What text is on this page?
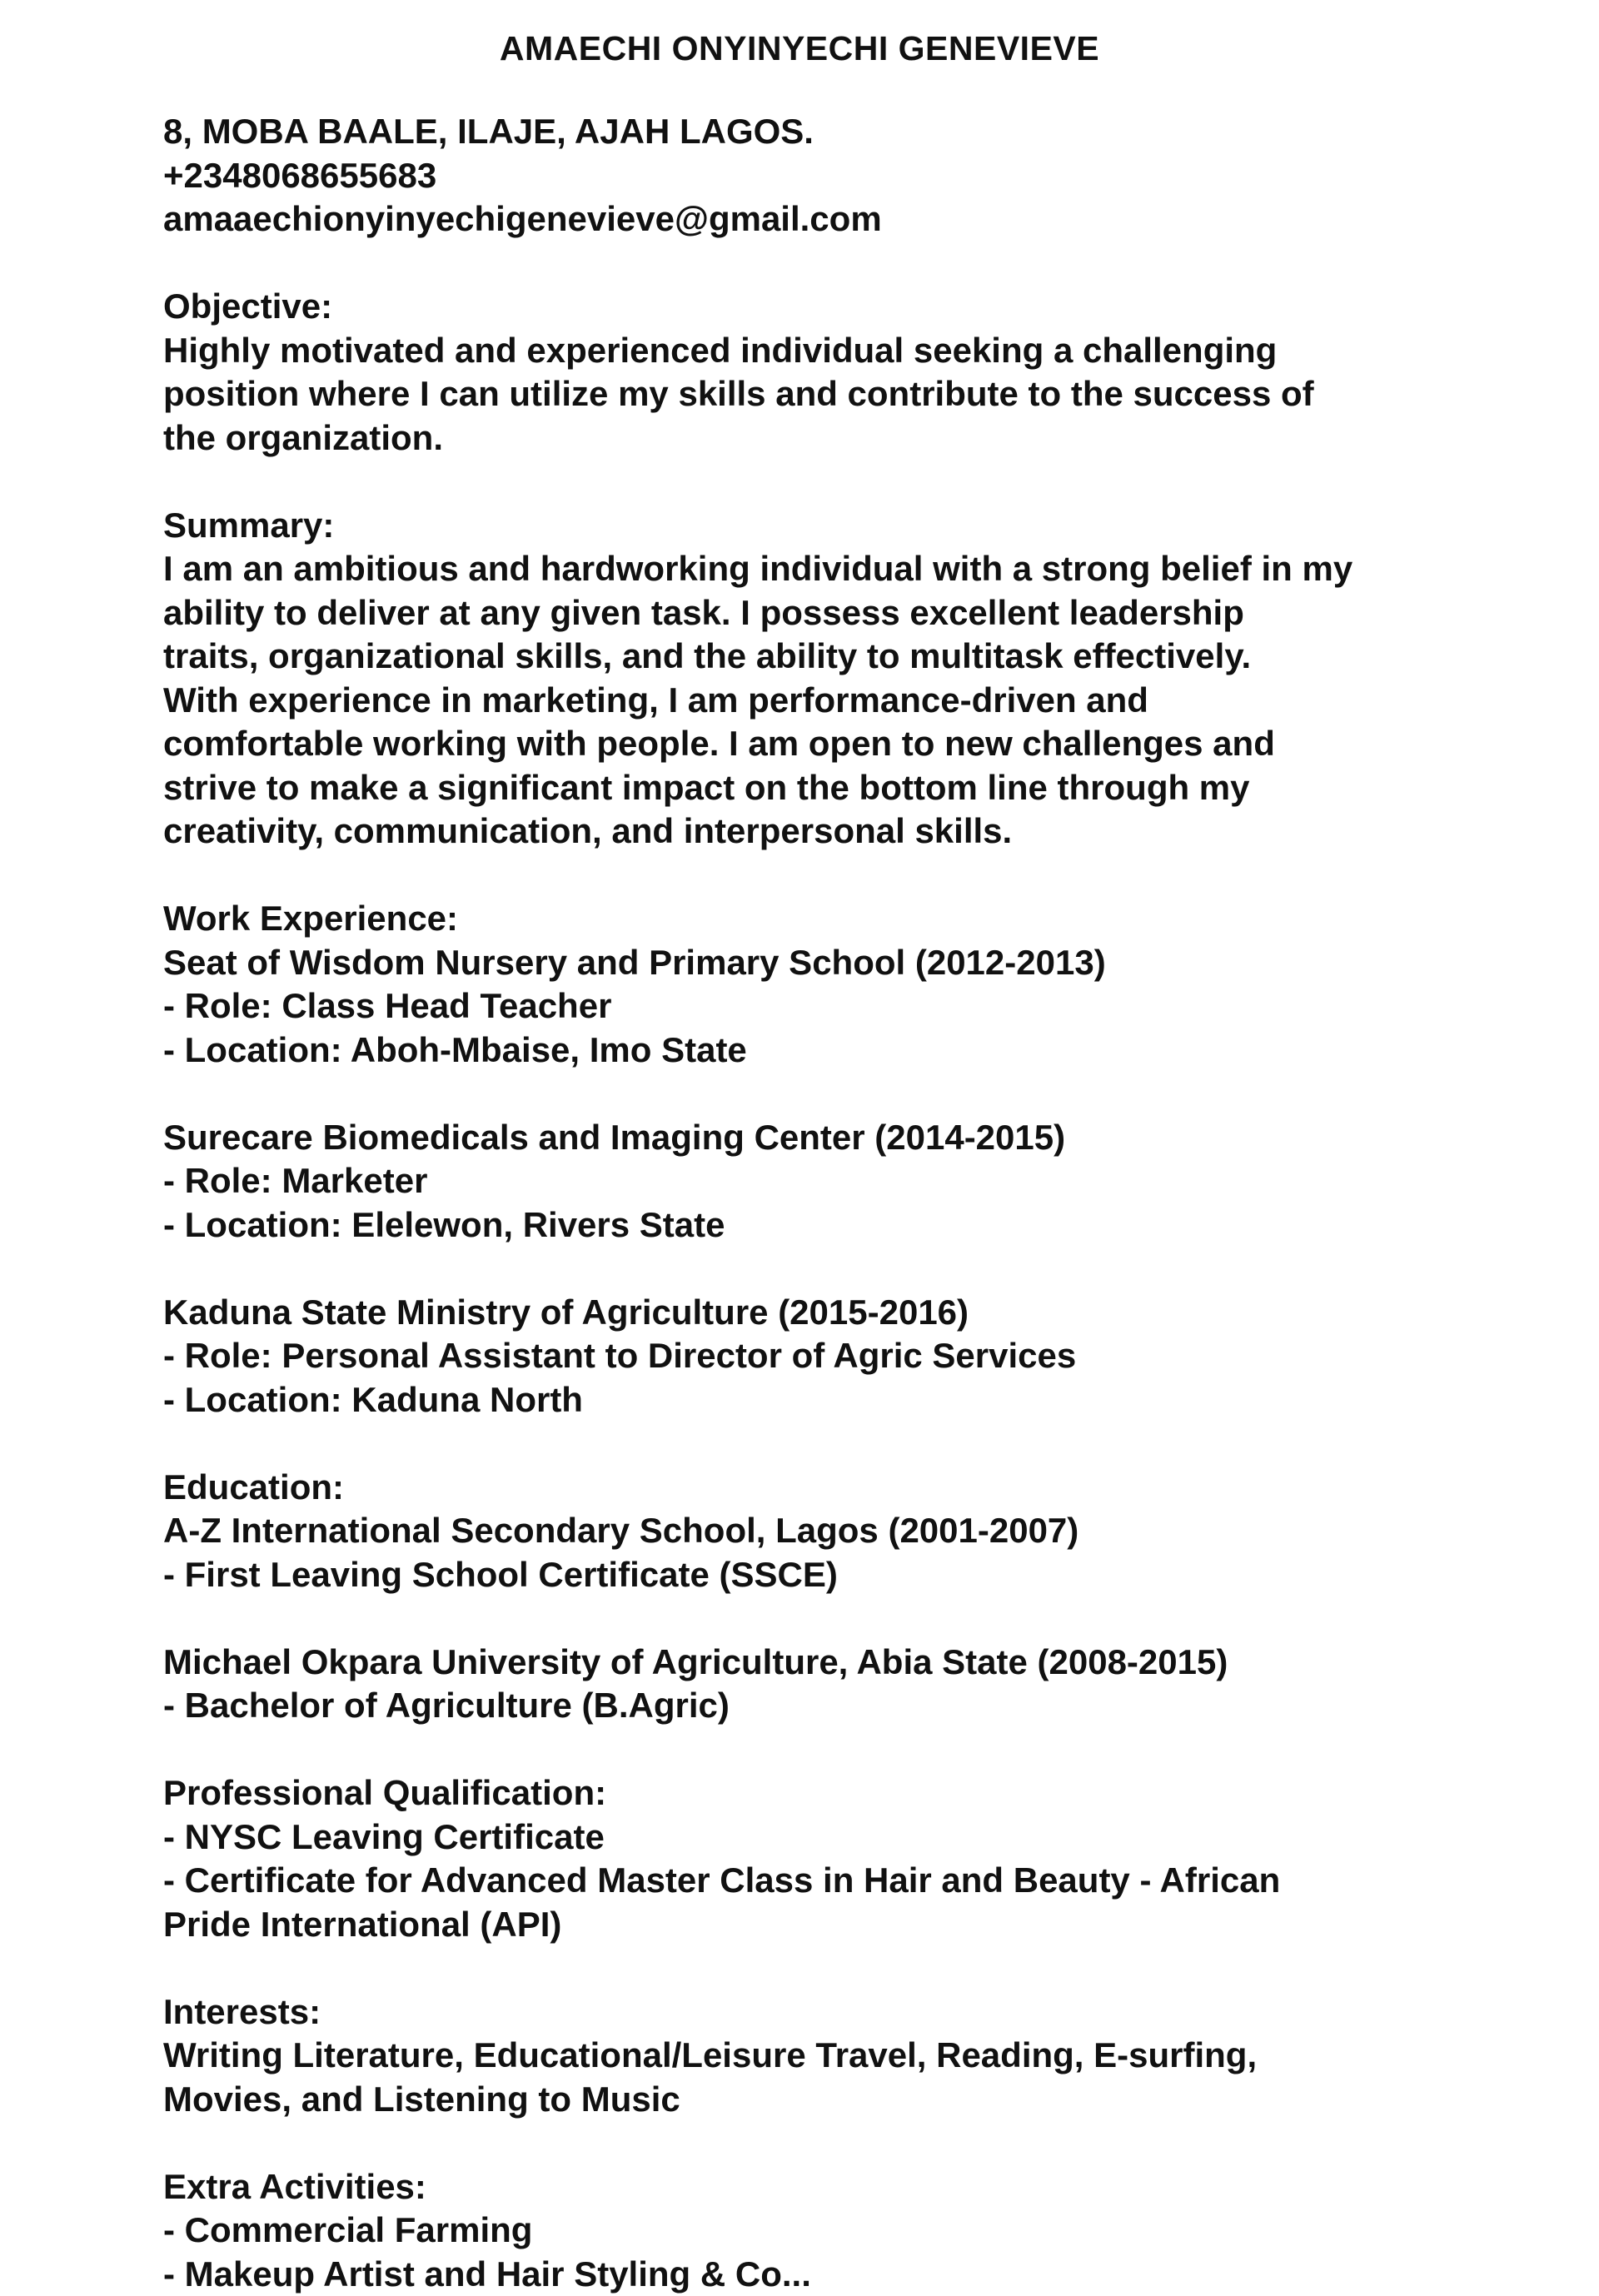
AMAECHI ONYINYECHI GENEVIEVE
8, MOBA BAALE, ILAJE, AJAH LAGOS.
+2348068655683
amaaechionyinyechigenevieve@gmail.com
Objective:
Highly motivated and experienced individual seeking a challenging
position where I can utilize my skills and contribute to the success of
the organization.
Summary:
I am an ambitious and hardworking individual with a strong belief in my
ability to deliver at any given task. I possess excellent leadership
traits, organizational skills, and the ability to multitask effectively.
With experience in marketing, I am performance-driven and
comfortable working with people. I am open to new challenges and
strive to make a significant impact on the bottom line through my
creativity, communication, and interpersonal skills.
Work Experience:
Seat of Wisdom Nursery and Primary School (2012-2013)
- Role: Class Head Teacher
- Location: Aboh-Mbaise, Imo State
Surecare Biomedicals and Imaging Center (2014-2015)
- Role: Marketer
- Location: Elelewon, Rivers State
Kaduna State Ministry of Agriculture (2015-2016)
- Role: Personal Assistant to Director of Agric Services
- Location: Kaduna North
Education:
A-Z International Secondary School, Lagos (2001-2007)
- First Leaving School Certificate (SSCE)
Michael Okpara University of Agriculture, Abia State (2008-2015)
- Bachelor of Agriculture (B.Agric)
Professional Qualification:
- NYSC Leaving Certificate
- Certificate for Advanced Master Class in Hair and Beauty - African
Pride International (API)
Interests:
Writing Literature, Educational/Leisure Travel, Reading, E-surfing,
Movies, and Listening to Music
Extra Activities:
- Commercial Farming
- Makeup Artist and Hair Styling & Co...
